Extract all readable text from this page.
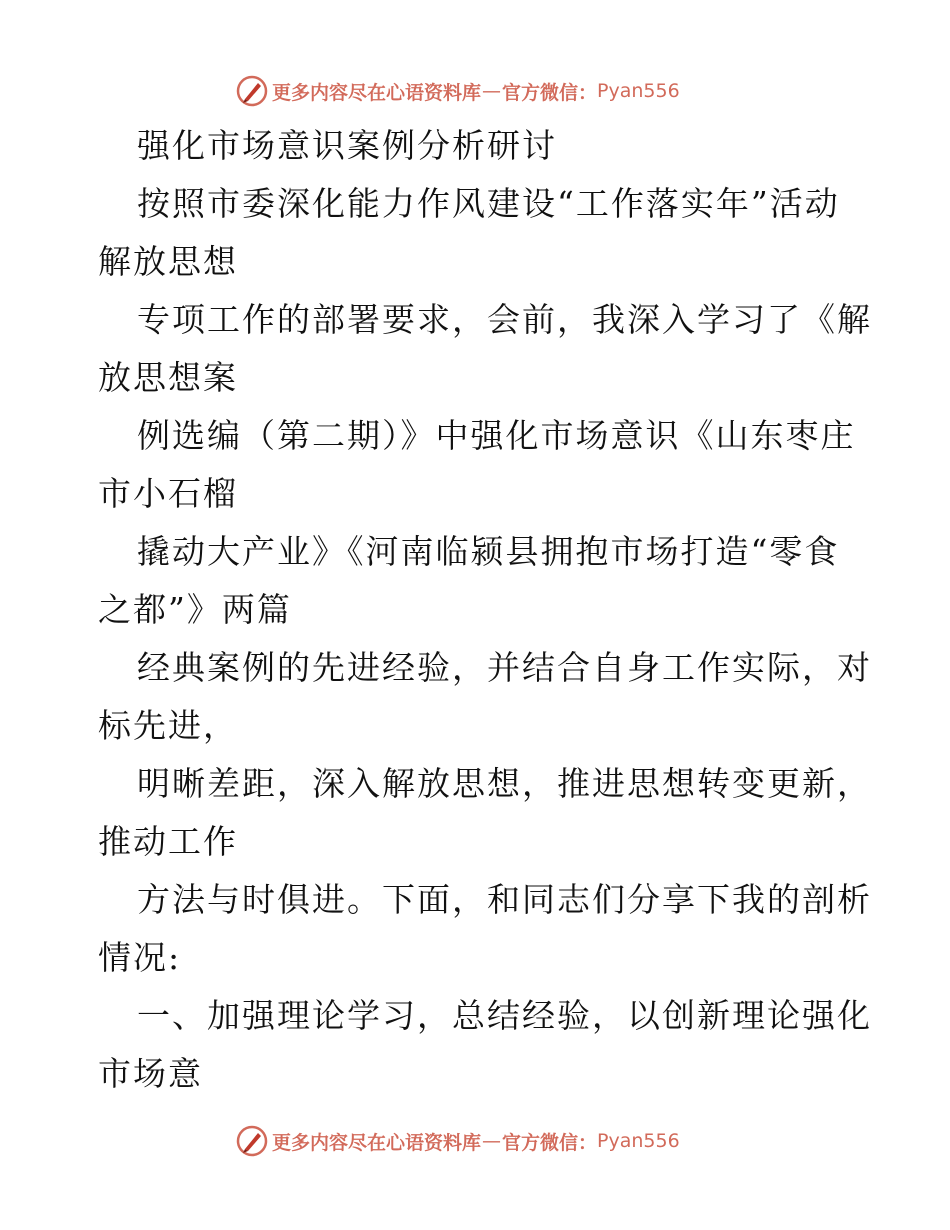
更多内容尽在心语资料库 — 官方微信： Pyan556
强化市场意识案例分析研讨
按照市委深化能力作风建设“工作落实年”活动
解放思想
专项工作的部署要求，会前，我深入学习了《解
放思想案
例选编（第二期）》中强化市场意识《山东枣庄
市小石榴
撬动大产业》《河南临颍县拥抱市场打造“零食
之都”》两篇
经典案例的先进经验，并结合自身工作实际，对
标先进，
明晰差距，深入解放思想，推进思想转变更新，
推动工作
方法与时俱进。下面，和同志们分享下我的剖析
情况:
一、加强理论学习，总结经验，以创新理论强化
市场意
更多内容尽在心语资料库 — 官方微信： Pyan556
